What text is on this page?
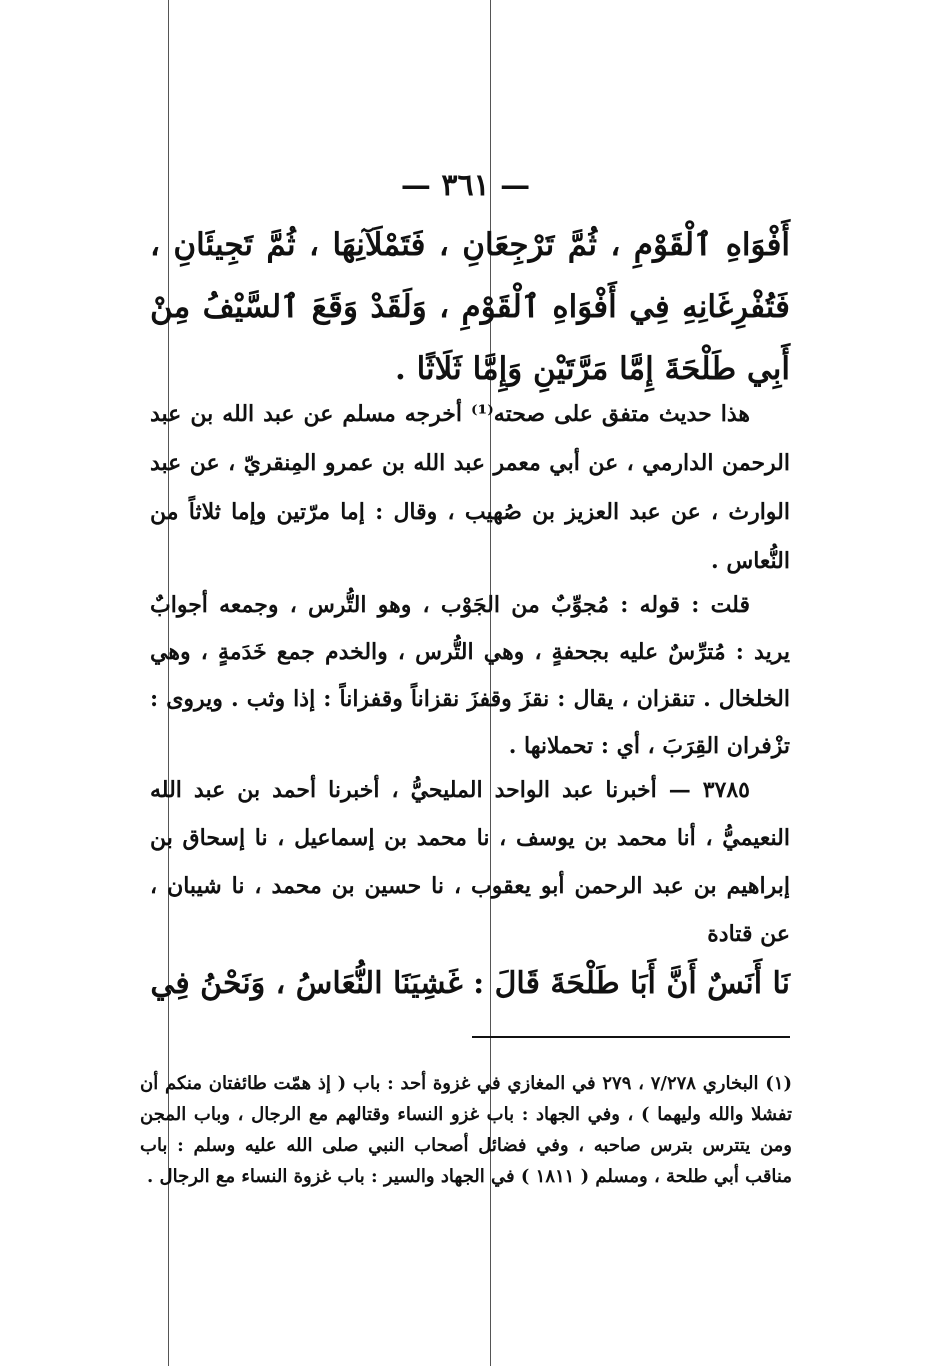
— ٣٦١ —

أَفْوَاهِ ٱلْقَوْمِ ، ثُمَّ تَرْجِعَانِ ، فَتَمْلَآنِهَا ، ثُمَّ تَجِيئَانِ ، فَتُفْرِغَانِهِ فِي أَفْوَاهِ ٱلْقَوْمِ ، وَلَقَدْ وَقَعَ ٱلسَّيْفُ مِنْ أَبِي طَلْحَةَ إِمَّا مَرَّتَيْنِ وَإِمَّا ثَلَاثًا .

هذا حديث متفق على صحته⁽¹⁾ أخرجه مسلم عن عبد الله بن عبد الرحمن الدارمي ، عن أبي معمر عبد الله بن عمرو المِنقريّ ، عن عبد الوارث ، عن عبد العزيز بن صُهيب ، وقال : إما مرّتين وإما ثلاثاً من النُّعاس .

قلت : قوله : مُجوِّبٌ من الجَوْب ، وهو التُّرس ، وجمعه أجوابٌ يريد : مُترِّسٌ عليه بجحفةٍ ، وهي التُّرس ، والخدم جمع خَدَمةٍ ، وهي الخلخال . تنقزان ، يقال : نقزَ وقفزَ نقزاناً وقفزاناً : إذا وثب . ويروى : تزْفران القِرَبَ ، أي : تحملانها .

٣٧٨٥ — أخبرنا عبد الواحد المليحيُّ ، أخبرنا أحمد بن عبد الله النعيميُّ ، أنا محمد بن يوسف ، نا محمد بن إسماعيل ، نا إسحاق بن إبراهيم بن عبد الرحمن أبو يعقوب ، نا حسين بن محمد ، نا شيبان ، عن قتادة

نَا أَنَسٌ أَنَّ أَبَا طَلْحَةَ قَالَ : غَشِيَنَا النُّعَاسُ ، وَنَحْنُ فِي

(١) البخاري ٧/٢٧٨ ، ٢٧٩ في المغازي في غزوة أحد : باب ( إذ همّت طائفتان منكم أن تفشلا والله وليهما ) ، وفي الجهاد : باب غزو النساء وقتالهم مع الرجال ، وباب المجن ومن يتترس بترس صاحبه ، وفي فضائل أصحاب النبي صلى الله عليه وسلم : باب مناقب أبي طلحة ، ومسلم ( ١٨١١ ) في الجهاد والسير : باب غزوة النساء مع الرجال .
